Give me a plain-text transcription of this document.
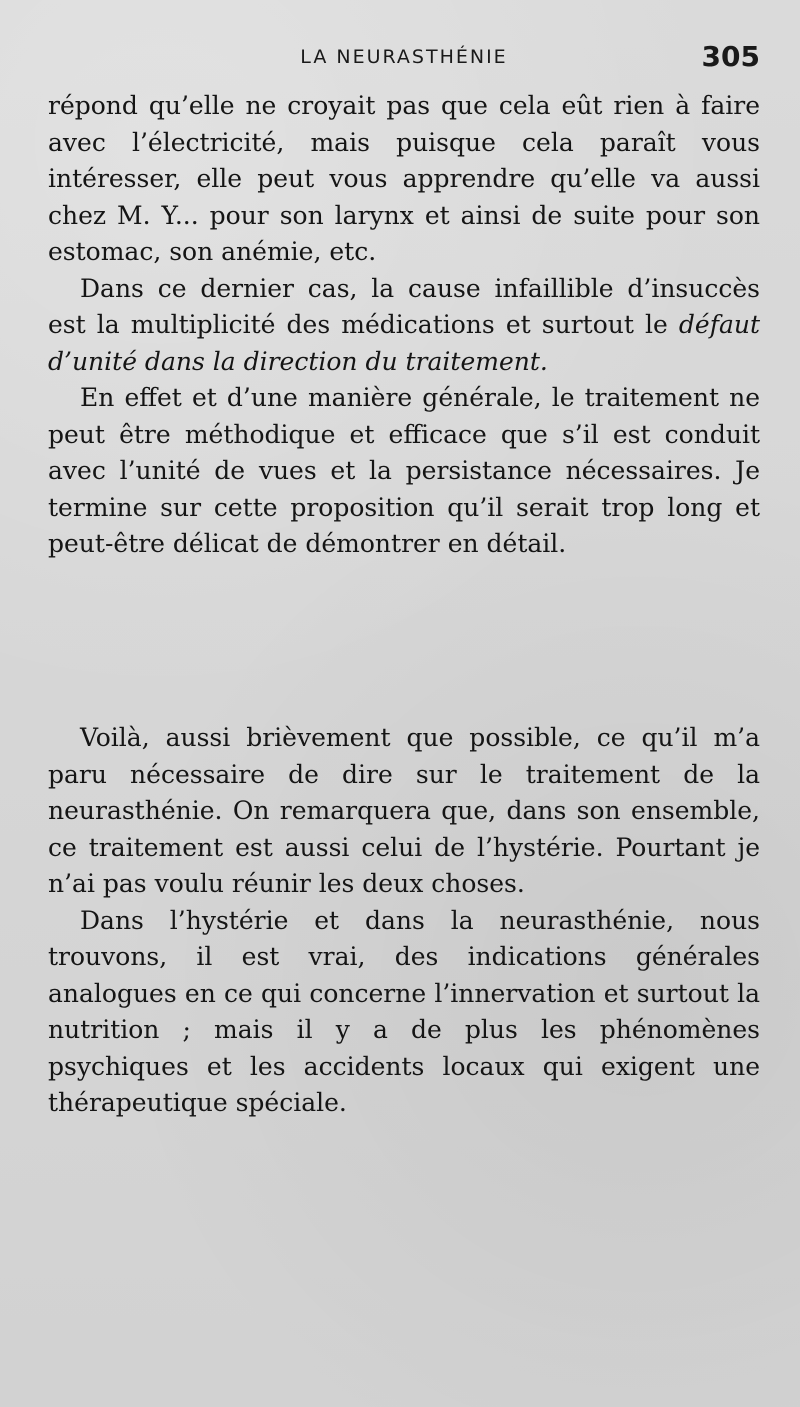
LA NEURASTHÉNIE	305

répond qu’elle ne croyait pas que cela eût rien à faire avec l’électricité, mais puisque cela paraît vous intéresser, elle peut vous apprendre qu’elle va aussi chez M. Y... pour son larynx et ainsi de suite pour son estomac, son anémie, etc.

Dans ce dernier cas, la cause infaillible d’insuccès est la multiplicité des médications et surtout le défaut d’unité dans la direction du traitement.

En effet et d’une manière générale, le traitement ne peut être méthodique et efficace que s’il est conduit avec l’unité de vues et la persistance nécessaires. Je termine sur cette proposition qu’il serait trop long et peut-être délicat de démontrer en détail.

Voilà, aussi brièvement que possible, ce qu’il m’a paru nécessaire de dire sur le traitement de la neurasthénie. On remarquera que, dans son ensemble, ce traitement est aussi celui de l’hystérie. Pourtant je n’ai pas voulu réunir les deux choses.

Dans l’hystérie et dans la neurasthénie, nous trouvons, il est vrai, des indications générales analogues en ce qui concerne l’innervation et surtout la nutrition ; mais il y a de plus les phénomènes psychiques et les accidents locaux qui exigent une thérapeutique spéciale.
